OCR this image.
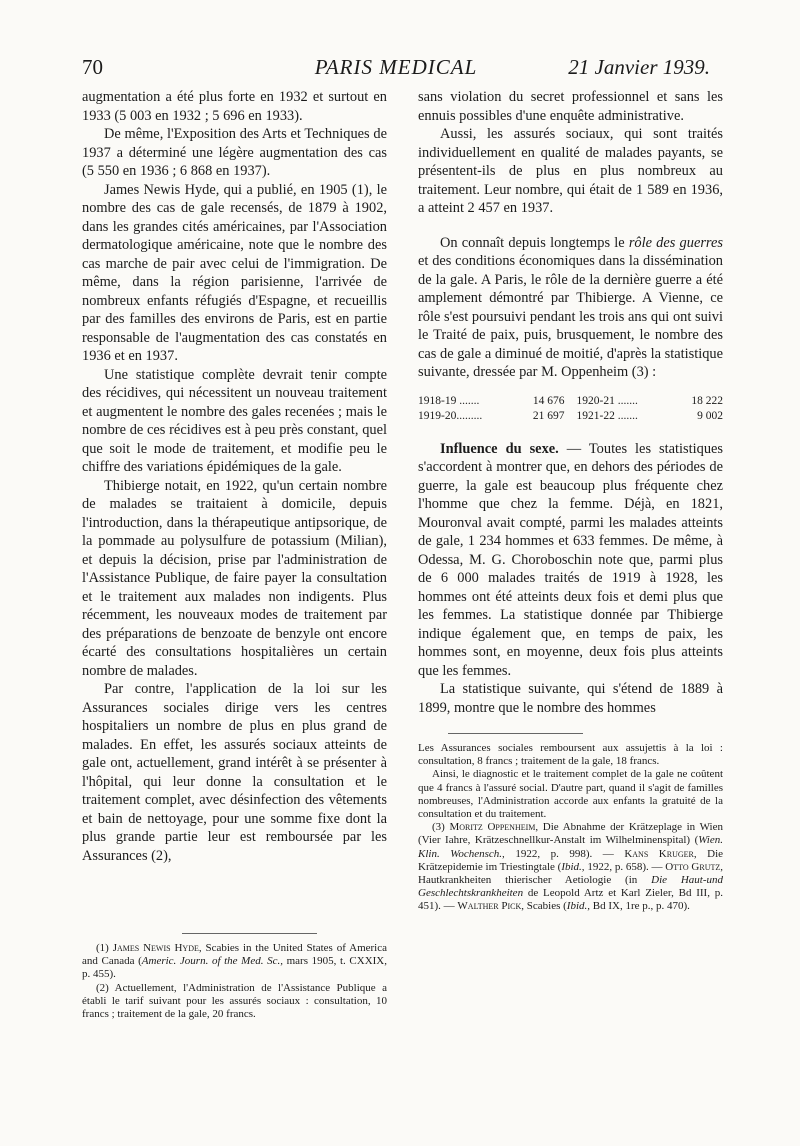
70	PARIS MEDICAL	21 Janvier 1939.

augmentation a été plus forte en 1932 et surtout en 1933 (5 003 en 1932 ; 5 696 en 1933).

De même, l'Exposition des Arts et Techniques de 1937 a déterminé une légère augmentation des cas (5 550 en 1936 ; 6 868 en 1937).

James Newis Hyde, qui a publié, en 1905 (1), le nombre des cas de gale recensés, de 1879 à 1902, dans les grandes cités américaines, par l'Association dermatologique américaine, note que le nombre des cas marche de pair avec celui de l'immigration. De même, dans la région parisienne, l'arrivée de nombreux enfants réfugiés d'Espagne, et recueillis par des familles des environs de Paris, est en partie responsable de l'augmentation des cas constatés en 1936 et en 1937.

Une statistique complète devrait tenir compte des récidives, qui nécessitent un nouveau traitement et augmentent le nombre des gales recenées ; mais le nombre de ces récidives est à peu près constant, quel que soit le mode de traitement, et modifie peu le chiffre des variations épidémiques de la gale.

Thibierge notait, en 1922, qu'un certain nombre de malades se traitaient à domicile, depuis l'introduction, dans la thérapeutique antipsorique, de la pommade au polysulfure de potassium (Milian), et depuis la décision, prise par l'administration de l'Assistance Publique, de faire payer la consultation et le traitement aux malades non indigents. Plus récemment, les nouveaux modes de traitement par des préparations de benzoate de benzyle ont encore écarté des consultations hospitalières un certain nombre de malades.

Par contre, l'application de la loi sur les Assurances sociales dirige vers les centres hospitaliers un nombre de plus en plus grand de malades. En effet, les assurés sociaux atteints de gale ont, actuellement, grand intérêt à se présenter à l'hôpital, qui leur donne la consultation et le traitement complet, avec désinfection des vêtements et bain de nettoyage, pour une somme fixe dont la plus grande partie leur est remboursée par les Assurances (2),

(1) James Newis Hyde, Scabies in the United States of America and Canada (Americ. Journ. of the Med. Sc., mars 1905, t. CXXIX, p. 455).

(2) Actuellement, l'Administration de l'Assistance Publique a établi le tarif suivant pour les assurés sociaux : consultation, 10 francs ; traitement de la gale, 20 francs.

sans violation du secret professionnel et sans les ennuis possibles d'une enquête administrative.

Aussi, les assurés sociaux, qui sont traités individuellement en qualité de malades payants, se présentent-ils de plus en plus nombreux au traitement. Leur nombre, qui était de 1 589 en 1936, a atteint 2 457 en 1937.

On connaît depuis longtemps le rôle des guerres et des conditions économiques dans la dissémination de la gale. A Paris, le rôle de la dernière guerre a été amplement démontré par Thibierge. A Vienne, ce rôle s'est poursuivi pendant les trois ans qui ont suivi le Traité de paix, puis, brusquement, le nombre des cas de gale a diminué de moitié, d'après la statistique suivante, dressée par M. Oppenheim (3) :

1918-19 .......	14 676 1920-21 .......	18 222
1919-20.........	21 697 1921-22 .......	9 002

Influence du sexe. — Toutes les statistiques s'accordent à montrer que, en dehors des périodes de guerre, la gale est beaucoup plus fréquente chez l'homme que chez la femme. Déjà, en 1821, Mouronval avait compté, parmi les malades atteints de gale, 1 234 hommes et 633 femmes. De même, à Odessa, M. G. Choroboschin note que, parmi plus de 6 000 malades traités de 1919 à 1928, les hommes ont été atteints deux fois et demi plus que les femmes. La statistique donnée par Thibierge indique également que, en temps de paix, les hommes sont, en moyenne, deux fois plus atteints que les femmes.

La statistique suivante, qui s'étend de 1889 à 1899, montre que le nombre des hommes

Les Assurances sociales remboursent aux assujettis à la loi : consultation, 8 francs ; traitement de la gale, 18 francs.

Ainsi, le diagnostic et le traitement complet de la gale ne coûtent que 4 francs à l'assuré social. D'autre part, quand il s'agit de familles nombreuses, l'Administration accorde aux enfants la gratuité de la consultation et du traitement.

(3) Moritz Oppenheim, Die Abnahme der Krätzeplage in Wien (Vier Iahre, Krätzeschnellkur-Anstalt im Wilhelminenspital) (Wien. Klin. Wochensch., 1922, p. 998). — Kans Kruger, Die Krätzepidemie im Triestingtale (Ibid., 1922, p. 658). — Otto Grutz, Hautkrankheiten thierischer Aetiologie (in Die Haut-und Geschlechtskrankheiten de Leopold Artz et Karl Zieler, Bd III, p. 451). — Walther Pick, Scabies (Ibid., Bd IX, 1re p., p. 470).
